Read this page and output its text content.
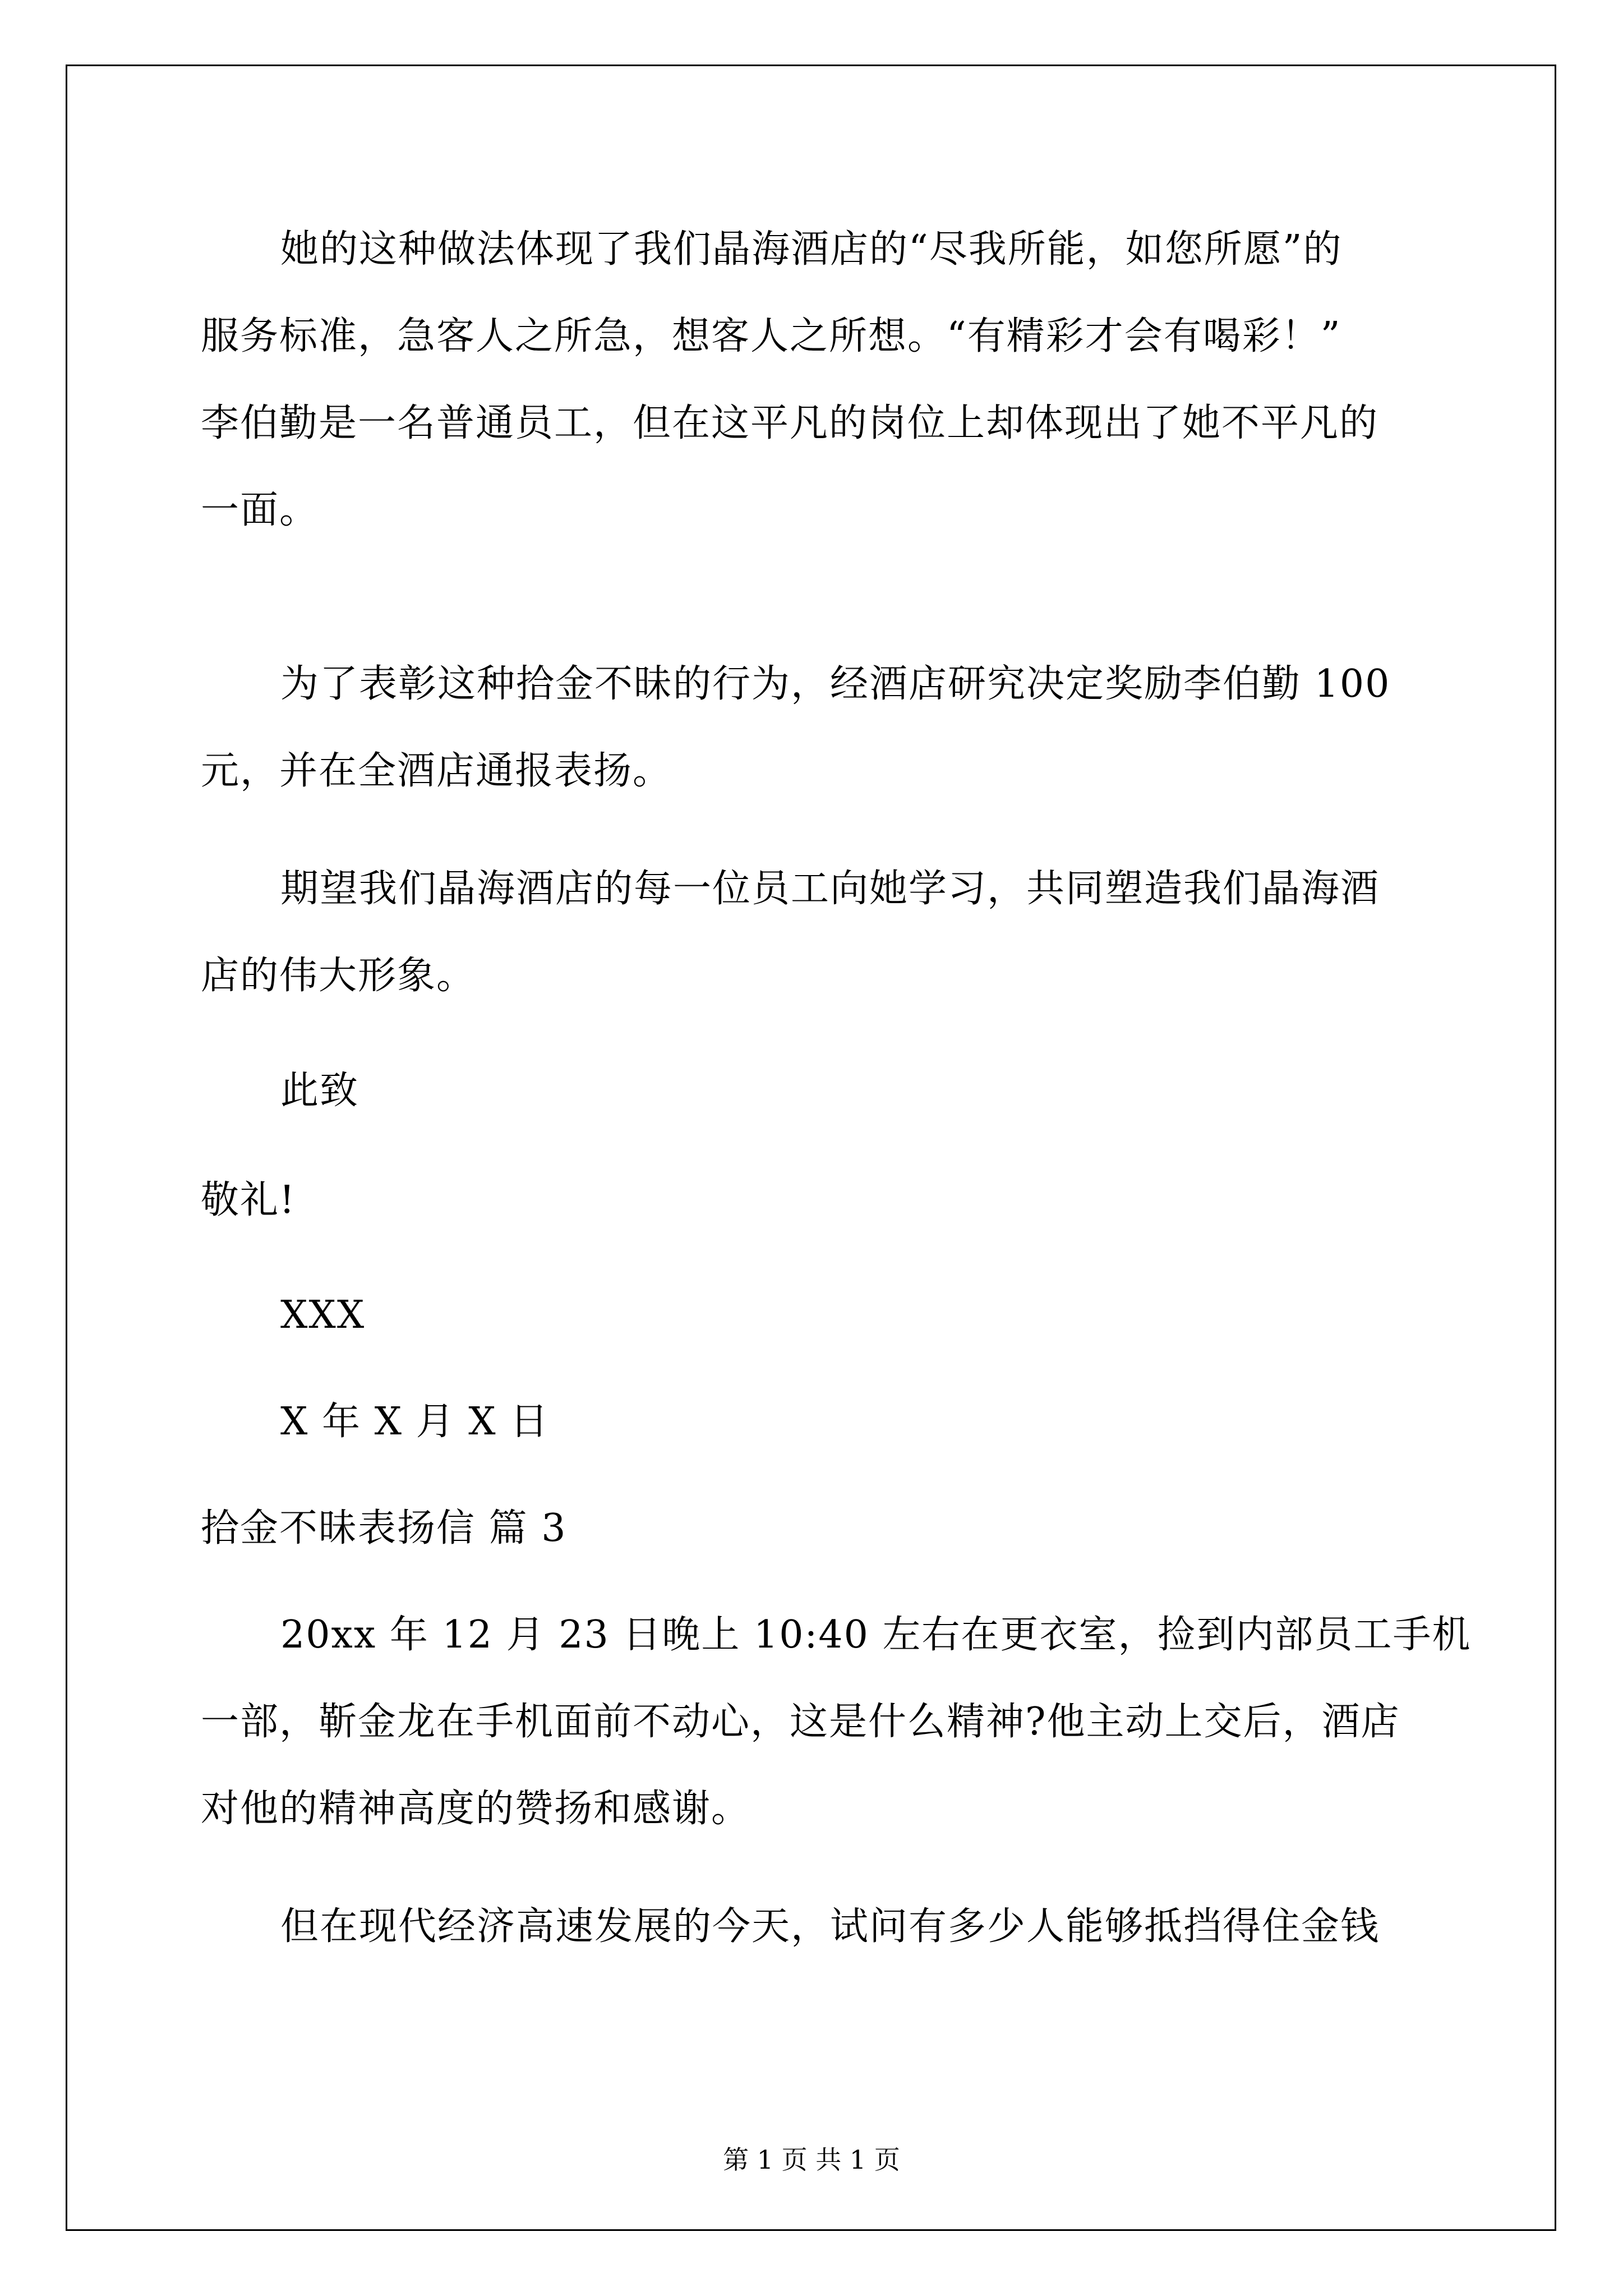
她的这种做法体现了我们晶海酒店的“尽我所能，如您所愿”的
服务标准，急客人之所急，想客人之所想。“有精彩才会有喝彩！”
李伯勤是一名普通员工，但在这平凡的岗位上却体现出了她不平凡的
一面。
为了表彰这种拾金不昧的行为，经酒店研究决定奖励李伯勤 100
元，并在全酒店通报表扬。
期望我们晶海酒店的每一位员工向她学习，共同塑造我们晶海酒
店的伟大形象。
此致
敬礼!
XXX
X 年 X 月 X 日
拾金不昧表扬信 篇 3
20xx 年 12 月 23 日晚上 10:40 左右在更衣室，捡到内部员工手机
一部，靳金龙在手机面前不动心，这是什么精神?他主动上交后，酒店
对他的精神高度的赞扬和感谢。
但在现代经济高速发展的今天，试问有多少人能够抵挡得住金钱
第 1 页 共 1 页
